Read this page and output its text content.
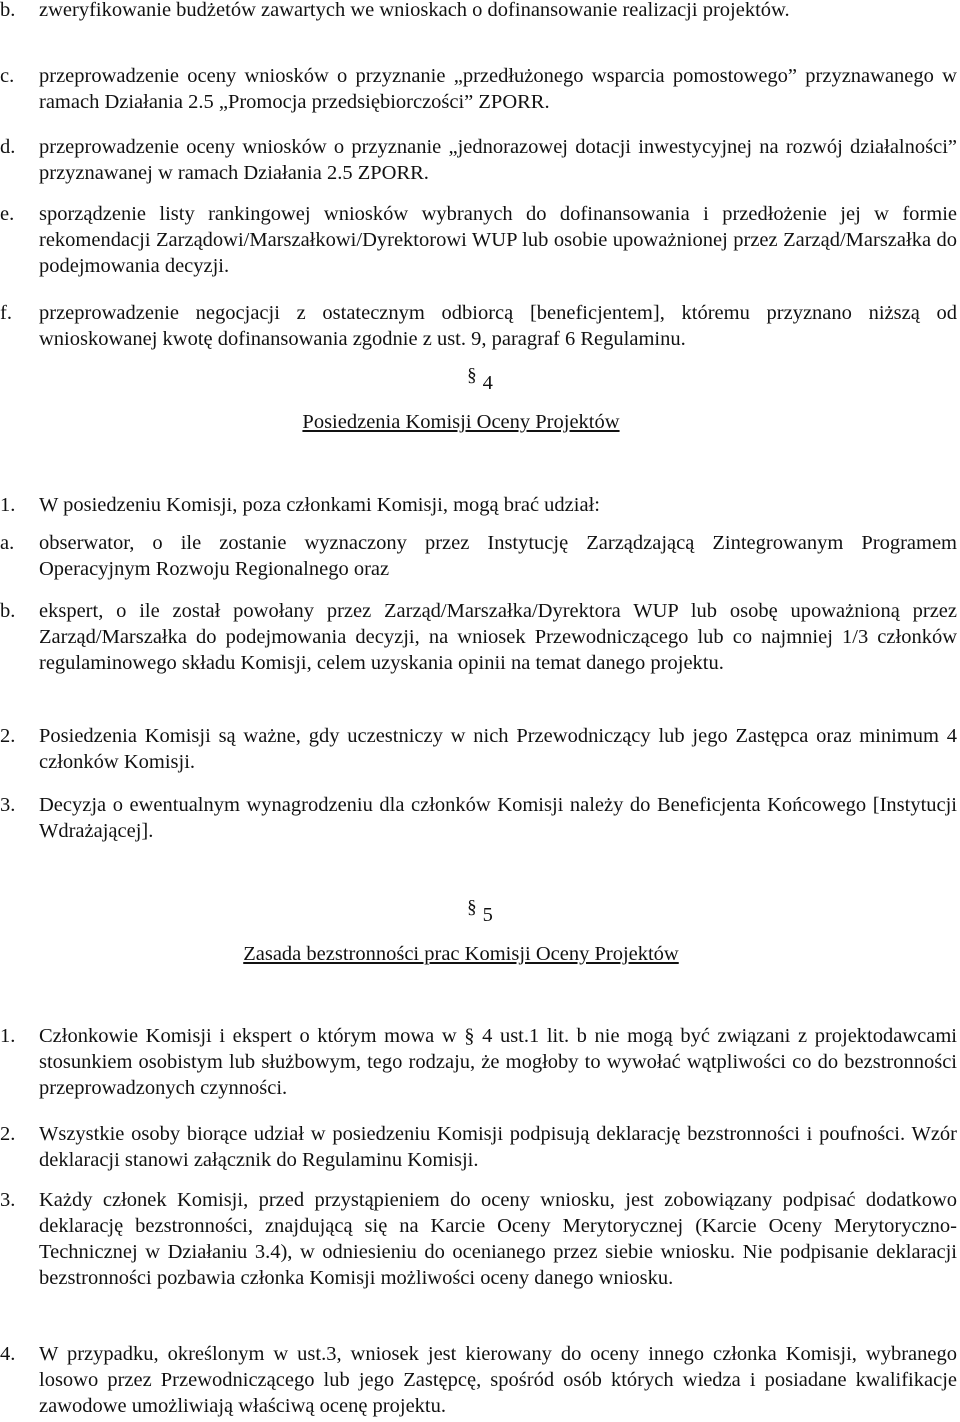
b. zweryfikowanie budżetów zawartych we wnioskach o dofinansowanie realizacji projektów.
c. przeprowadzenie oceny wniosków o przyznanie „przedłużonego wsparcia pomostowego” przyznawanego w ramach Działania 2.5 „Promocja przedsiębiorczości” ZPORR.
d. przeprowadzenie oceny wniosków o przyznanie „jednorazowej dotacji inwestycyjnej na rozwój działalności” przyznawanej w ramach Działania 2.5 ZPORR.
e. sporządzenie listy rankingowej wniosków wybranych do dofinansowania i przedłożenie jej w formie rekomendacji Zarządowi/Marszałkowi/Dyrektorowi WUP lub osobie upoważnionej przez Zarząd/Marszałka do podejmowania decyzji.
f. przeprowadzenie negocjacji z ostatecznym odbiorcą [beneficjentem], któremu przyznano niższą od wnioskowanej kwotę dofinansowania zgodnie z ust. 9, paragraf 6 Regulaminu.
§ 4
Posiedzenia Komisji Oceny Projektów
1. W posiedzeniu Komisji, poza członkami Komisji, mogą brać udział:
a. obserwator, o ile zostanie wyznaczony przez Instytucję Zarządzającą Zintegrowanym Programem Operacyjnym Rozwoju Regionalnego oraz
b. ekspert, o ile został powołany przez Zarząd/Marszałka/Dyrektora WUP lub osobę upoważnioną przez Zarząd/Marszałka do podejmowania decyzji, na wniosek Przewodniczącego lub co najmniej 1/3 członków regulaminowego składu Komisji, celem uzyskania opinii na temat danego projektu.
2. Posiedzenia Komisji są ważne, gdy uczestniczy w nich Przewodniczący lub jego Zastępca oraz minimum 4 członków Komisji.
3. Decyzja o ewentualnym wynagrodzeniu dla członków Komisji należy do Beneficjenta Końcowego [Instytucji Wdrażającej].
§ 5
Zasada bezstronności prac Komisji Oceny Projektów
1. Członkowie Komisji i ekspert o którym mowa w § 4 ust.1 lit. b nie mogą być związani z projektodawcami stosunkiem osobistym lub służbowym, tego rodzaju, że mogłoby to wywołać wątpliwości co do bezstronności przeprowadzonych czynności.
2. Wszystkie osoby biorące udział w posiedzeniu Komisji podpisują deklarację bezstronności i poufności. Wzór deklaracji stanowi załącznik do Regulaminu Komisji.
3. Każdy członek Komisji, przed przystąpieniem do oceny wniosku, jest zobowiązany podpisać dodatkowo deklarację bezstronności, znajdującą się na Karcie Oceny Merytorycznej (Karcie Oceny Merytoryczno-Technicznej w Działaniu 3.4), w odniesieniu do ocenianego przez siebie wniosku. Nie podpisanie deklaracji bezstronności pozbawia członka Komisji możliwości oceny danego wniosku.
4. W przypadku, określonym w ust.3, wniosek jest kierowany do oceny innego członka Komisji, wybranego losowo przez Przewodniczącego lub jego Zastępcę, spośród osób których wiedza i posiadane kwalifikacje zawodowe umożliwiają właściwą ocenę projektu.
